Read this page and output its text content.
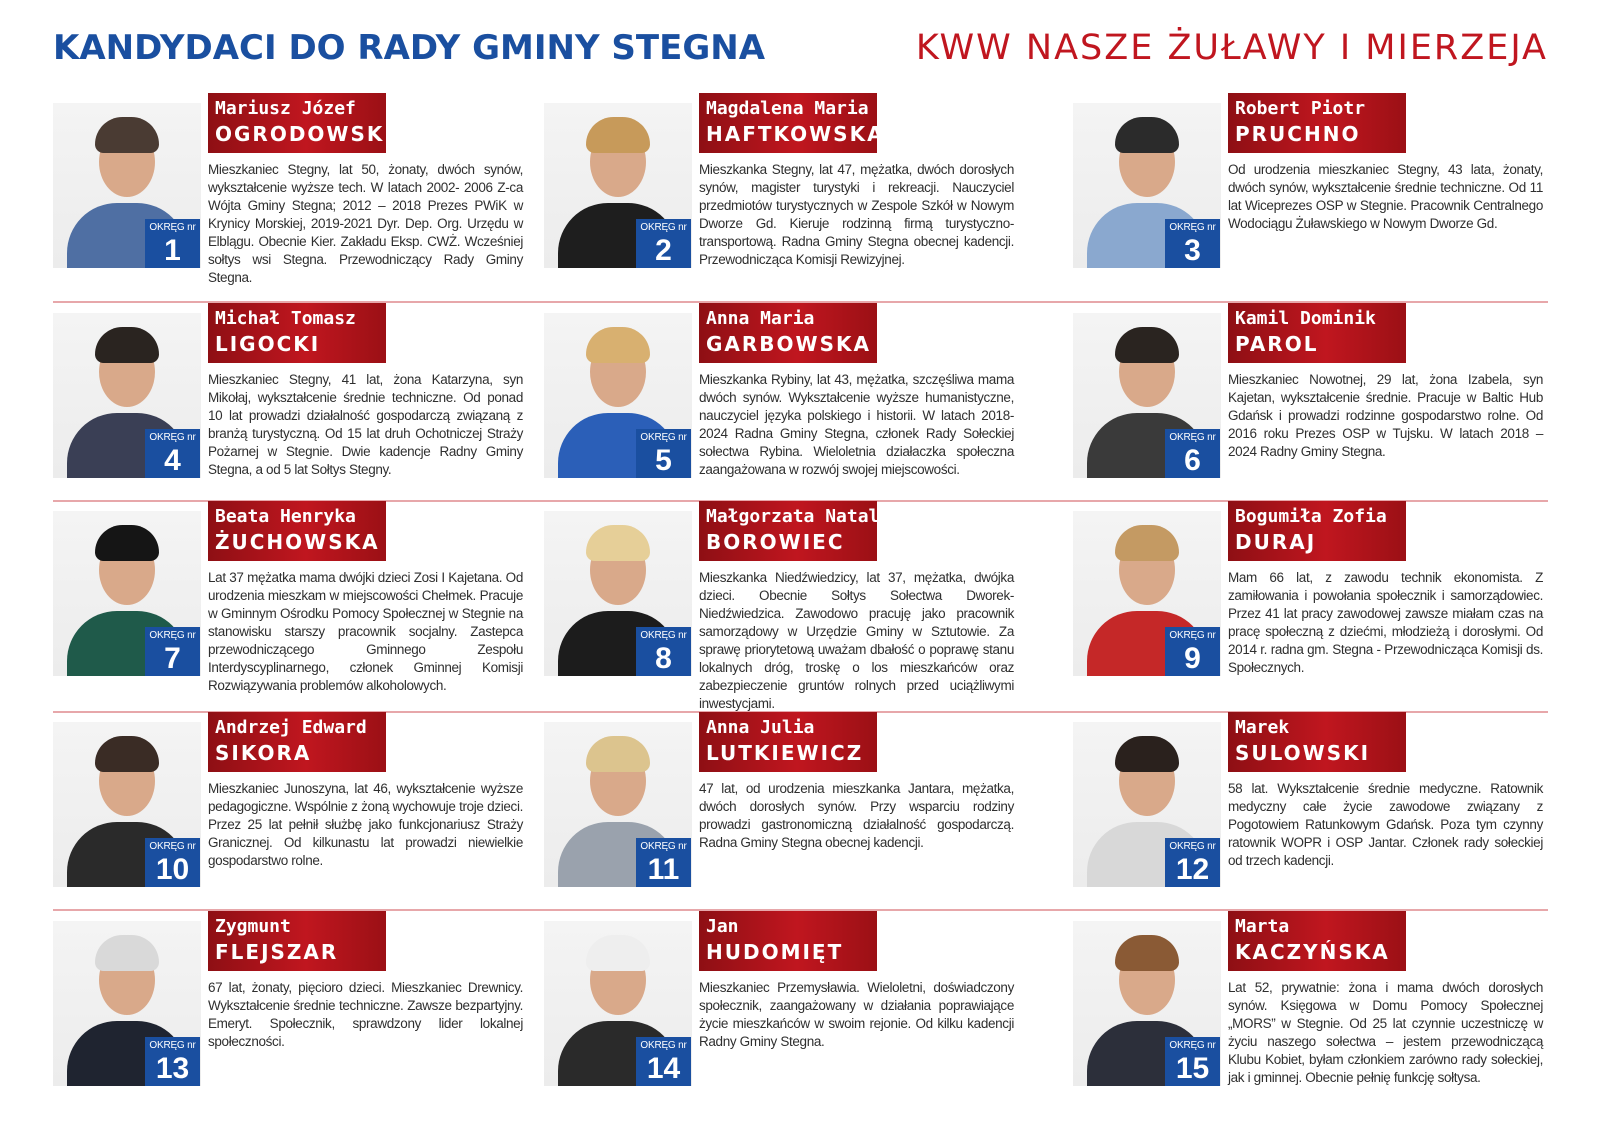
KANDYDACI DO RADY GMINY STEGNA	KWW NASZE ŻUŁAWY I MIERZEJA
OKRĘG nr
1
Mariusz Józef
OGRODOWSKI
Mieszkaniec Stegny, lat 50, żonaty, dwóch synów, wykształcenie wyższe tech. W latach 2002- 2006 Z-ca Wójta Gminy Stegna; 2012 – 2018 Prezes PWiK w Krynicy Morskiej, 2019-2021 Dyr. Dep. Org. Urzędu w Elblągu. Obecnie Kier. Zakładu Eksp. CWŻ. Wcześniej sołtys wsi Stegna. Przewodniczący Rady Gminy Stegna.
OKRĘG nr
2
Magdalena Maria
HAFTKOWSKA
Mieszkanka Stegny, lat 47, mężatka, dwóch dorosłych synów, magister turystyki i rekreacji. Nauczyciel przedmiotów turystycznych w Zespole Szkół w Nowym Dworze Gd. Kieruje rodzinną firmą turystyczno-transportową. Radna Gminy Stegna obecnej kadencji. Przewodnicząca Komisji Rewizyjnej.
OKRĘG nr
3
Robert Piotr
PRUCHNO
Od urodzenia mieszkaniec Stegny, 43 lata, żonaty, dwóch synów, wykształcenie średnie techniczne. Od 11 lat Wiceprezes OSP w Stegnie. Pracownik Centralnego Wodociągu Żuławskiego w Nowym Dworze Gd.
OKRĘG nr
4
Michał Tomasz
LIGOCKI
Mieszkaniec Stegny, 41 lat, żona Katarzyna, syn Mikołaj, wykształcenie średnie techniczne. Od ponad 10 lat prowadzi działalność gospodarczą związaną z branżą turystyczną. Od 15 lat druh Ochotniczej Straży Pożarnej w Stegnie. Dwie kadencje Radny Gminy Stegna, a od 5 lat Sołtys Stegny.
OKRĘG nr
5
Anna Maria
GARBOWSKA
Mieszkanka Rybiny, lat 43, mężatka, szczęśliwa mama dwóch synów. Wykształcenie wyższe humanistyczne, nauczyciel języka polskiego i historii. W latach 2018-2024 Radna Gminy Stegna, członek Rady Sołeckiej sołectwa Rybina. Wieloletnia działaczka społeczna zaangażowana w rozwój swojej miejscowości.
OKRĘG nr
6
Kamil Dominik
PAROL
Mieszkaniec Nowotnej, 29 lat, żona Izabela, syn Kajetan, wykształcenie średnie. Pracuje w Baltic Hub Gdańsk i prowadzi rodzinne gospodarstwo rolne. Od 2016 roku Prezes OSP w Tujsku. W latach 2018 – 2024 Radny Gminy Stegna.
OKRĘG nr
7
Beata Henryka
ŻUCHOWSKA
Lat 37 mężatka mama dwójki dzieci Zosi I Kajetana. Od urodzenia mieszkam w miejscowości Chełmek. Pracuje w Gminnym Ośrodku Pomocy Społecznej w Stegnie na stanowisku starszy pracownik socjalny. Zastepca przewodniczącego Gminnego Zespołu Interdyscyplinarnego, członek Gminnej Komisji Rozwiązywania problemów alkoholowych.
OKRĘG nr
8
Małgorzata Natalia
BOROWIEC
Mieszkanka Niedźwiedzicy, lat 37, mężatka, dwójka dzieci. Obecnie Sołtys Sołectwa Dworek-Niedźwiedzica. Zawodowo pracuję jako pracownik samorządowy w Urzędzie Gminy w Sztutowie. Za sprawę priorytetową uważam dbałość o poprawę stanu lokalnych dróg, troskę o los mieszkańców oraz zabezpieczenie gruntów rolnych przed uciążliwymi inwestycjami.
OKRĘG nr
9
Bogumiła Zofia
DURAJ
Mam 66 lat, z zawodu technik ekonomista. Z zamiłowania i powołania społecznik i samorządowiec. Przez 41 lat pracy zawodowej zawsze miałam czas na pracę społeczną z dziećmi, młodzieżą i dorosłymi. Od 2014 r. radna gm. Stegna - Przewodnicząca Komisji ds. Społecznych.
OKRĘG nr
10
Andrzej Edward
SIKORA
Mieszkaniec Junoszyna, lat 46, wykształcenie wyższe pedagogiczne. Wspólnie z żoną wychowuje troje dzieci. Przez 25 lat pełnił służbę jako funkcjonariusz Straży Granicznej. Od kilkunastu lat prowadzi niewielkie gospodarstwo rolne.
OKRĘG nr
11
Anna Julia
LUTKIEWICZ
47 lat, od urodzenia mieszkanka Jantara, mężatka, dwóch dorosłych synów. Przy wsparciu rodziny prowadzi gastronomiczną działalność gospodarczą. Radna Gminy Stegna obecnej kadencji.	OKRĘG nr
12
Marek
SULOWSKI
58 lat. Wykształcenie średnie medyczne. Ratownik medyczny całe życie zawodowe związany z Pogotowiem Ratunkowym Gdańsk. Poza tym czynny ratownik WOPR i OSP Jantar. Członek rady sołeckiej od trzech kadencji.
OKRĘG nr
13
Zygmunt
FLEJSZAR
67 lat, żonaty, pięcioro dzieci. Mieszkaniec Drewnicy. Wykształcenie średnie techniczne. Zawsze bezpartyjny. Emeryt. Społecznik, sprawdzony lider lokalnej społeczności.	OKRĘG nr
14
Jan
HUDOMIĘT
Mieszkaniec Przemysławia. Wieloletni, doświadczony społecznik, zaangażowany w działania poprawiające życie mieszkańców w swoim rejonie. Od kilku kadencji Radny Gminy Stegna.	OKRĘG nr
15
Marta
KACZYŃSKA
Lat 52, prywatnie: żona i mama dwóch dorosłych synów. Księgowa w Domu Pomocy Społecznej „MORS” w Stegnie. Od 25 lat czynnie uczestniczę w życiu naszego sołectwa – jestem przewodniczącą Klubu Kobiet, byłam członkiem zarówno rady sołeckiej, jak i gminnej. Obecnie pełnię funkcję sołtysa.
